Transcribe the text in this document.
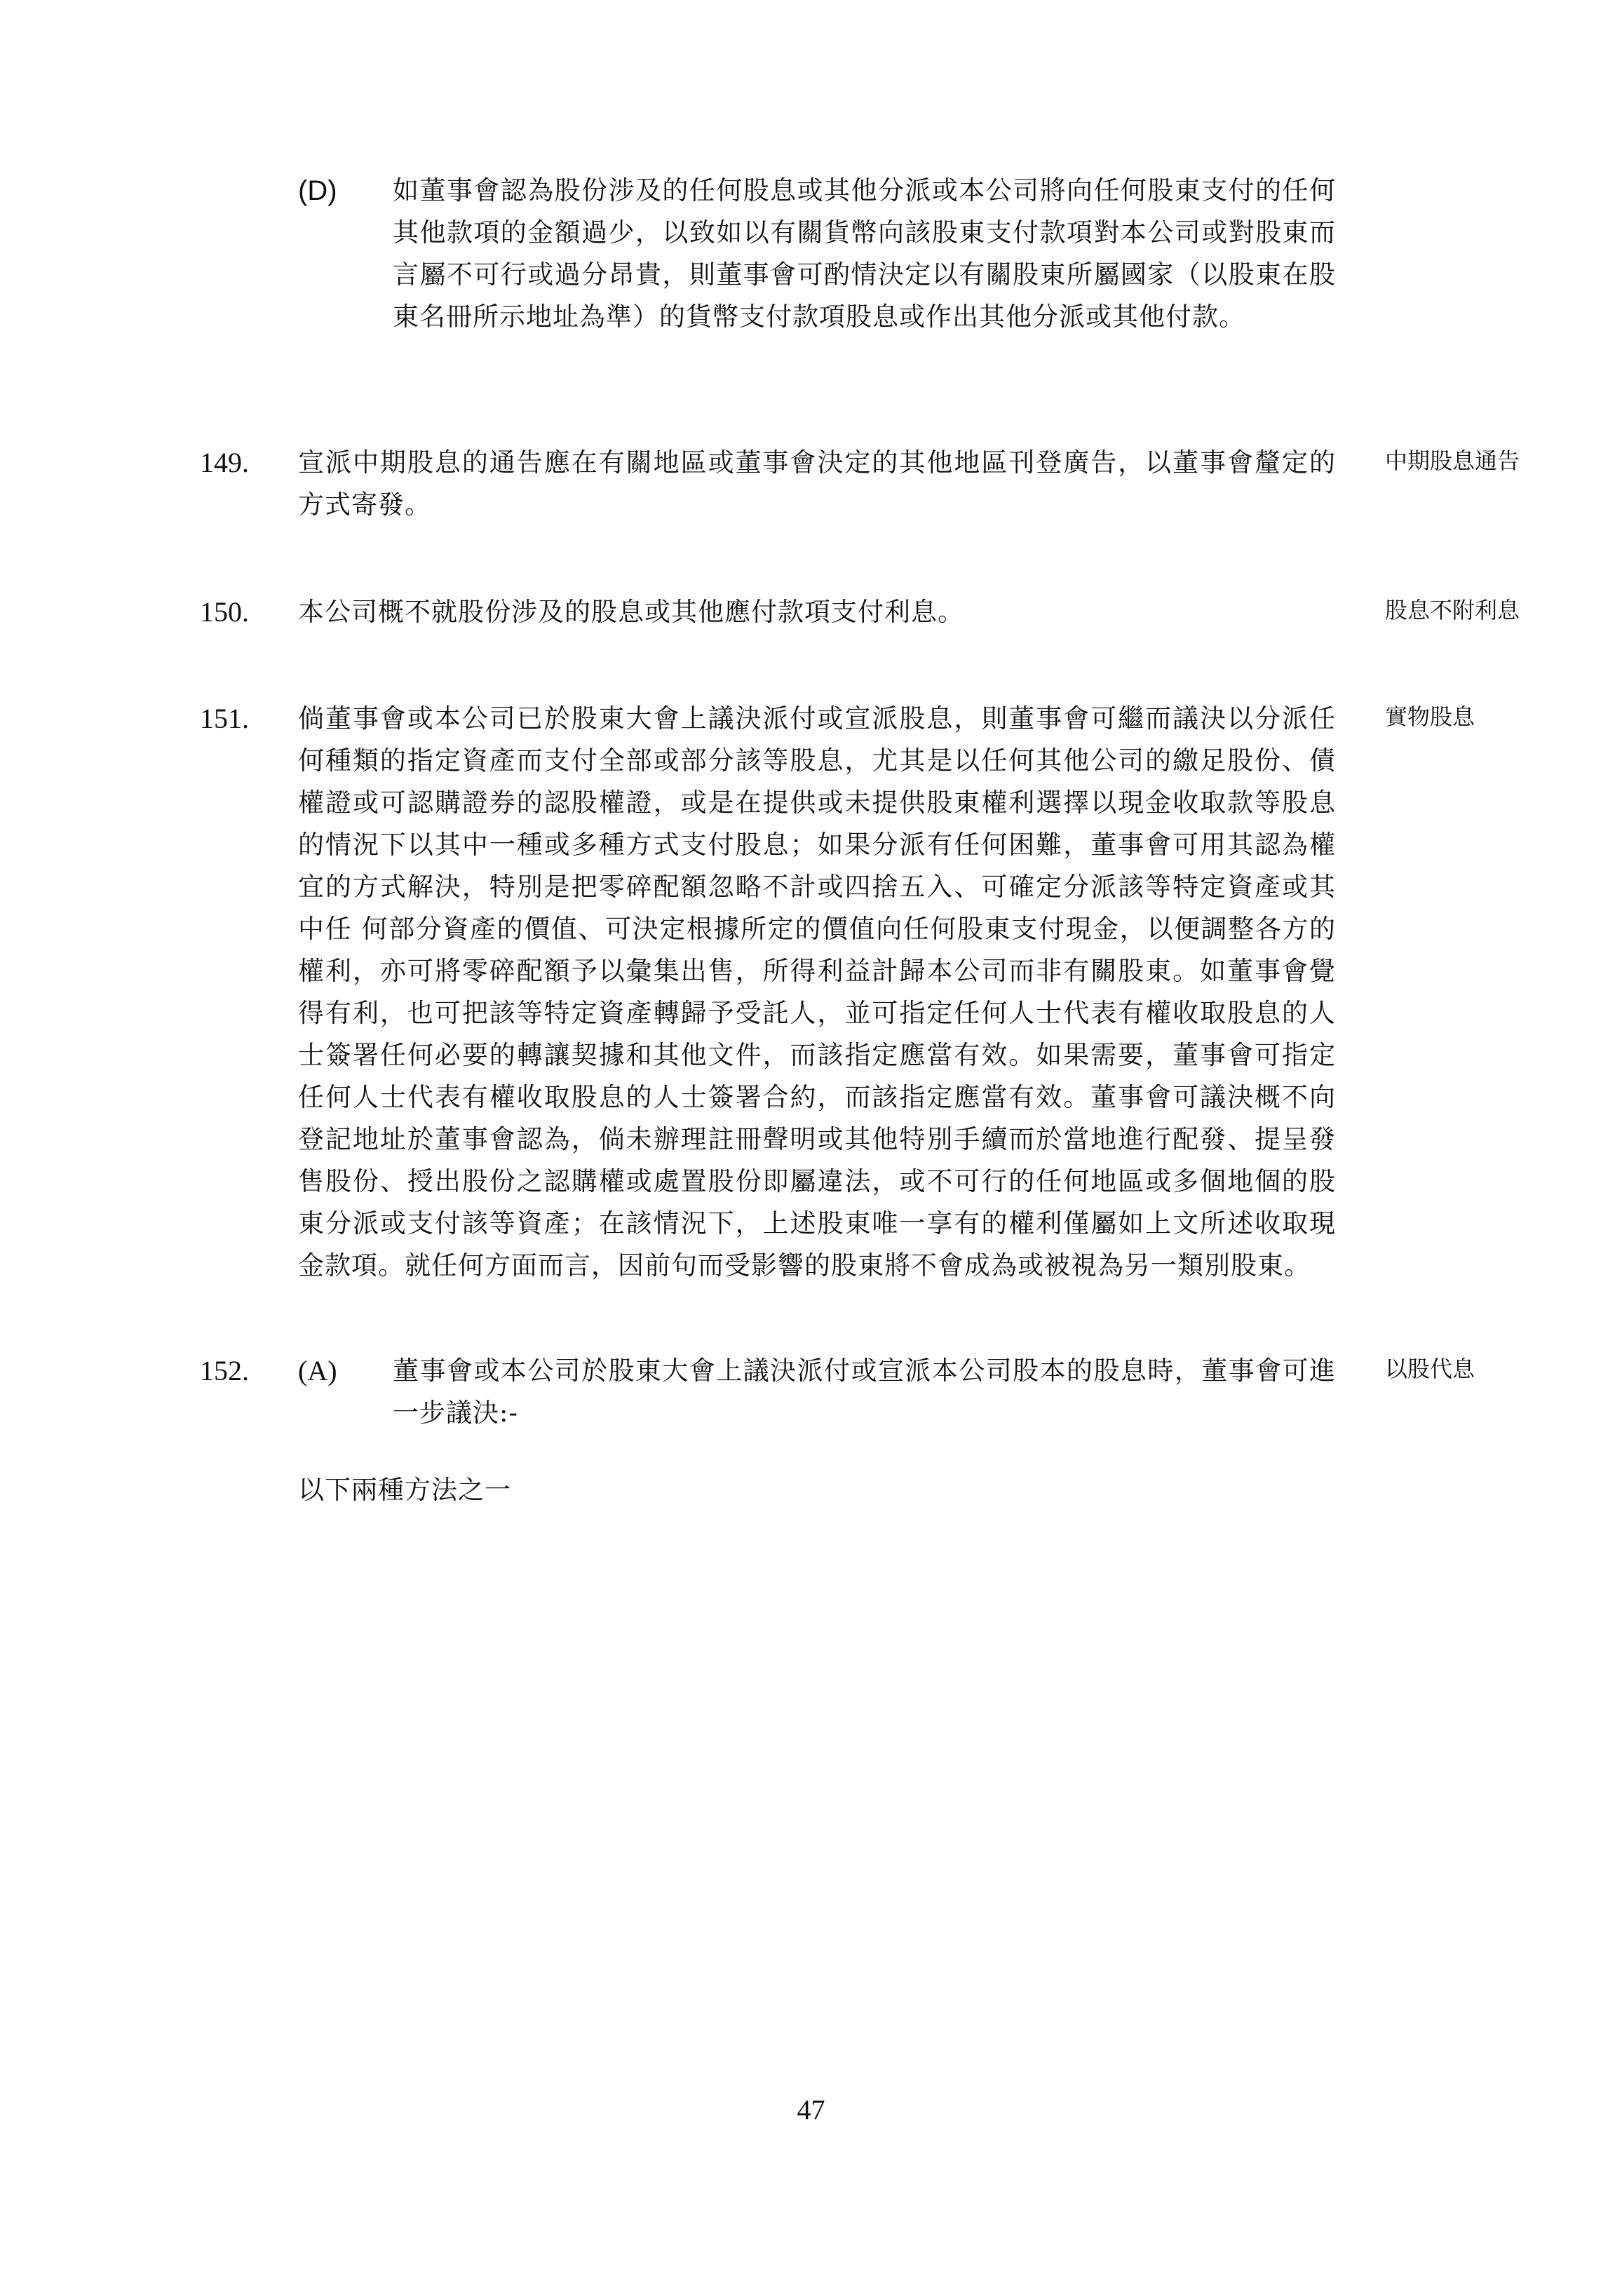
(D) 如董事會認為股份涉及的任何股息或其他分派或本公司將向任何股東支付的任何其他款項的金額過少，以致如以有關貨幣向該股東支付款項對本公司或對股東而言屬不可行或過分昂貴，則董事會可酌情決定以有關股東所屬國家（以股東在股東名冊所示地址為準）的貨幣支付款項股息或作出其他分派或其他付款。
149. 宣派中期股息的通告應在有關地區或董事會決定的其他地區刊登廣告，以董事會釐定的方式寄發。
中期股息通告
150. 本公司概不就股份涉及的股息或其他應付款項支付利息。	股息不附利息
151. 倘董事會或本公司已於股東大會上議決派付或宣派股息，則董事會可繼而議決以分派任何種類的指定資產而支付全部或部分該等股息，尤其是以任何其他公司的繳足股份、債權證或可認購證券的認股權證，或是在提供或未提供股東權利選擇以現金收取款等股息的情況下以其中一種或多種方式支付股息；如果分派有任何困難，董事會可用其認為權宜的方式解決，特別是把零碎配額忽略不計或四捨五入、可確定分派該等特定資產或其中任 何部分資產的價值、可決定根據所定的價值向任何股東支付現金，以便調整各方的權利，亦可將零碎配額予以彙集出售，所得利益計歸本公司而非有關股東。如董事會覺得有利，也可把該等特定資產轉歸予受託人，並可指定任何人士代表有權收取股息的人士簽署任何必要的轉讓契據和其他文件，而該指定應當有效。如果需要，董事會可指定任何人士代表有權收取股息的人士簽署合約，而該指定應當有效。董事會可議決概不向登記地址於董事會認為，倘未辦理註冊聲明或其他特別手續而於當地進行配發、提呈發售股份、授出股份之認購權或處置股份即屬違法，或不可行的任何地區或多個地個的股東分派或支付該等資產；在該情況下，上述股東唯一享有的權利僅屬如上文所述收取現金款項。就任何方面而言，因前句而受影響的股東將不會成為或被視為另一類別股東。
實物股息
152. (A) 董事會或本公司於股東大會上議決派付或宣派本公司股本的股息時，董事會可進一步議決:-
以股代息
以下兩種方法之一
47
